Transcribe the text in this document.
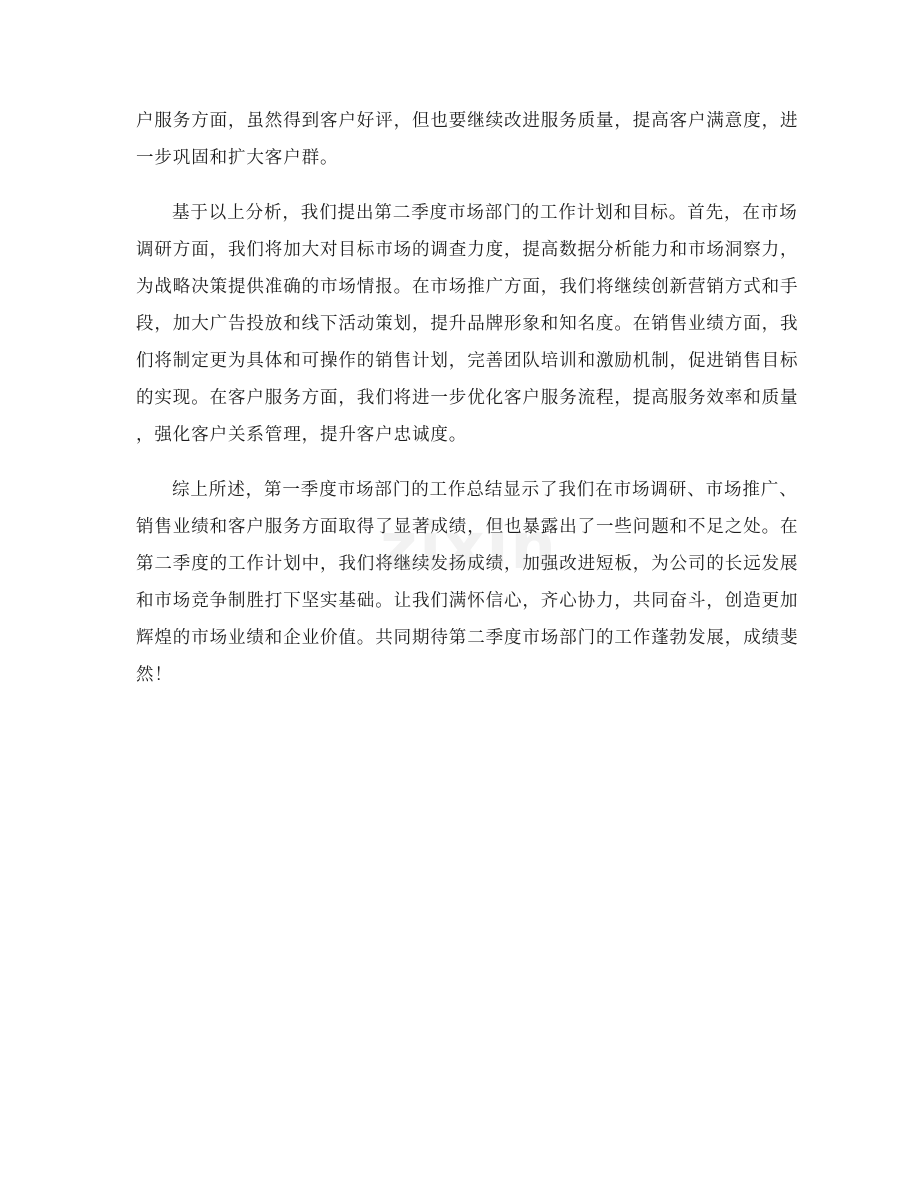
户服务方面，虽然得到客户好评，但也要继续改进服务质量，提高客户满意度，进
一步巩固和扩大客户群。

基于以上分析，我们提出第二季度市场部门的工作计划和目标。首先，在市场
调研方面，我们将加大对目标市场的调查力度，提高数据分析能力和市场洞察力，
为战略决策提供准确的市场情报。在市场推广方面，我们将继续创新营销方式和手
段，加大广告投放和线下活动策划，提升品牌形象和知名度。在销售业绩方面，我
们将制定更为具体和可操作的销售计划，完善团队培训和激励机制，促进销售目标
的实现。在客户服务方面，我们将进一步优化客户服务流程，提高服务效率和质量
，强化客户关系管理，提升客户忠诚度。

综上所述，第一季度市场部门的工作总结显示了我们在市场调研、市场推广、
销售业绩和客户服务方面取得了显著成绩，但也暴露出了一些问题和不足之处。在
第二季度的工作计划中，我们将继续发扬成绩，加强改进短板，为公司的长远发展
和市场竞争制胜打下坚实基础。让我们满怀信心，齐心协力，共同奋斗，创造更加
辉煌的市场业绩和企业价值。共同期待第二季度市场部门的工作蓬勃发展，成绩斐
然！

zixin
